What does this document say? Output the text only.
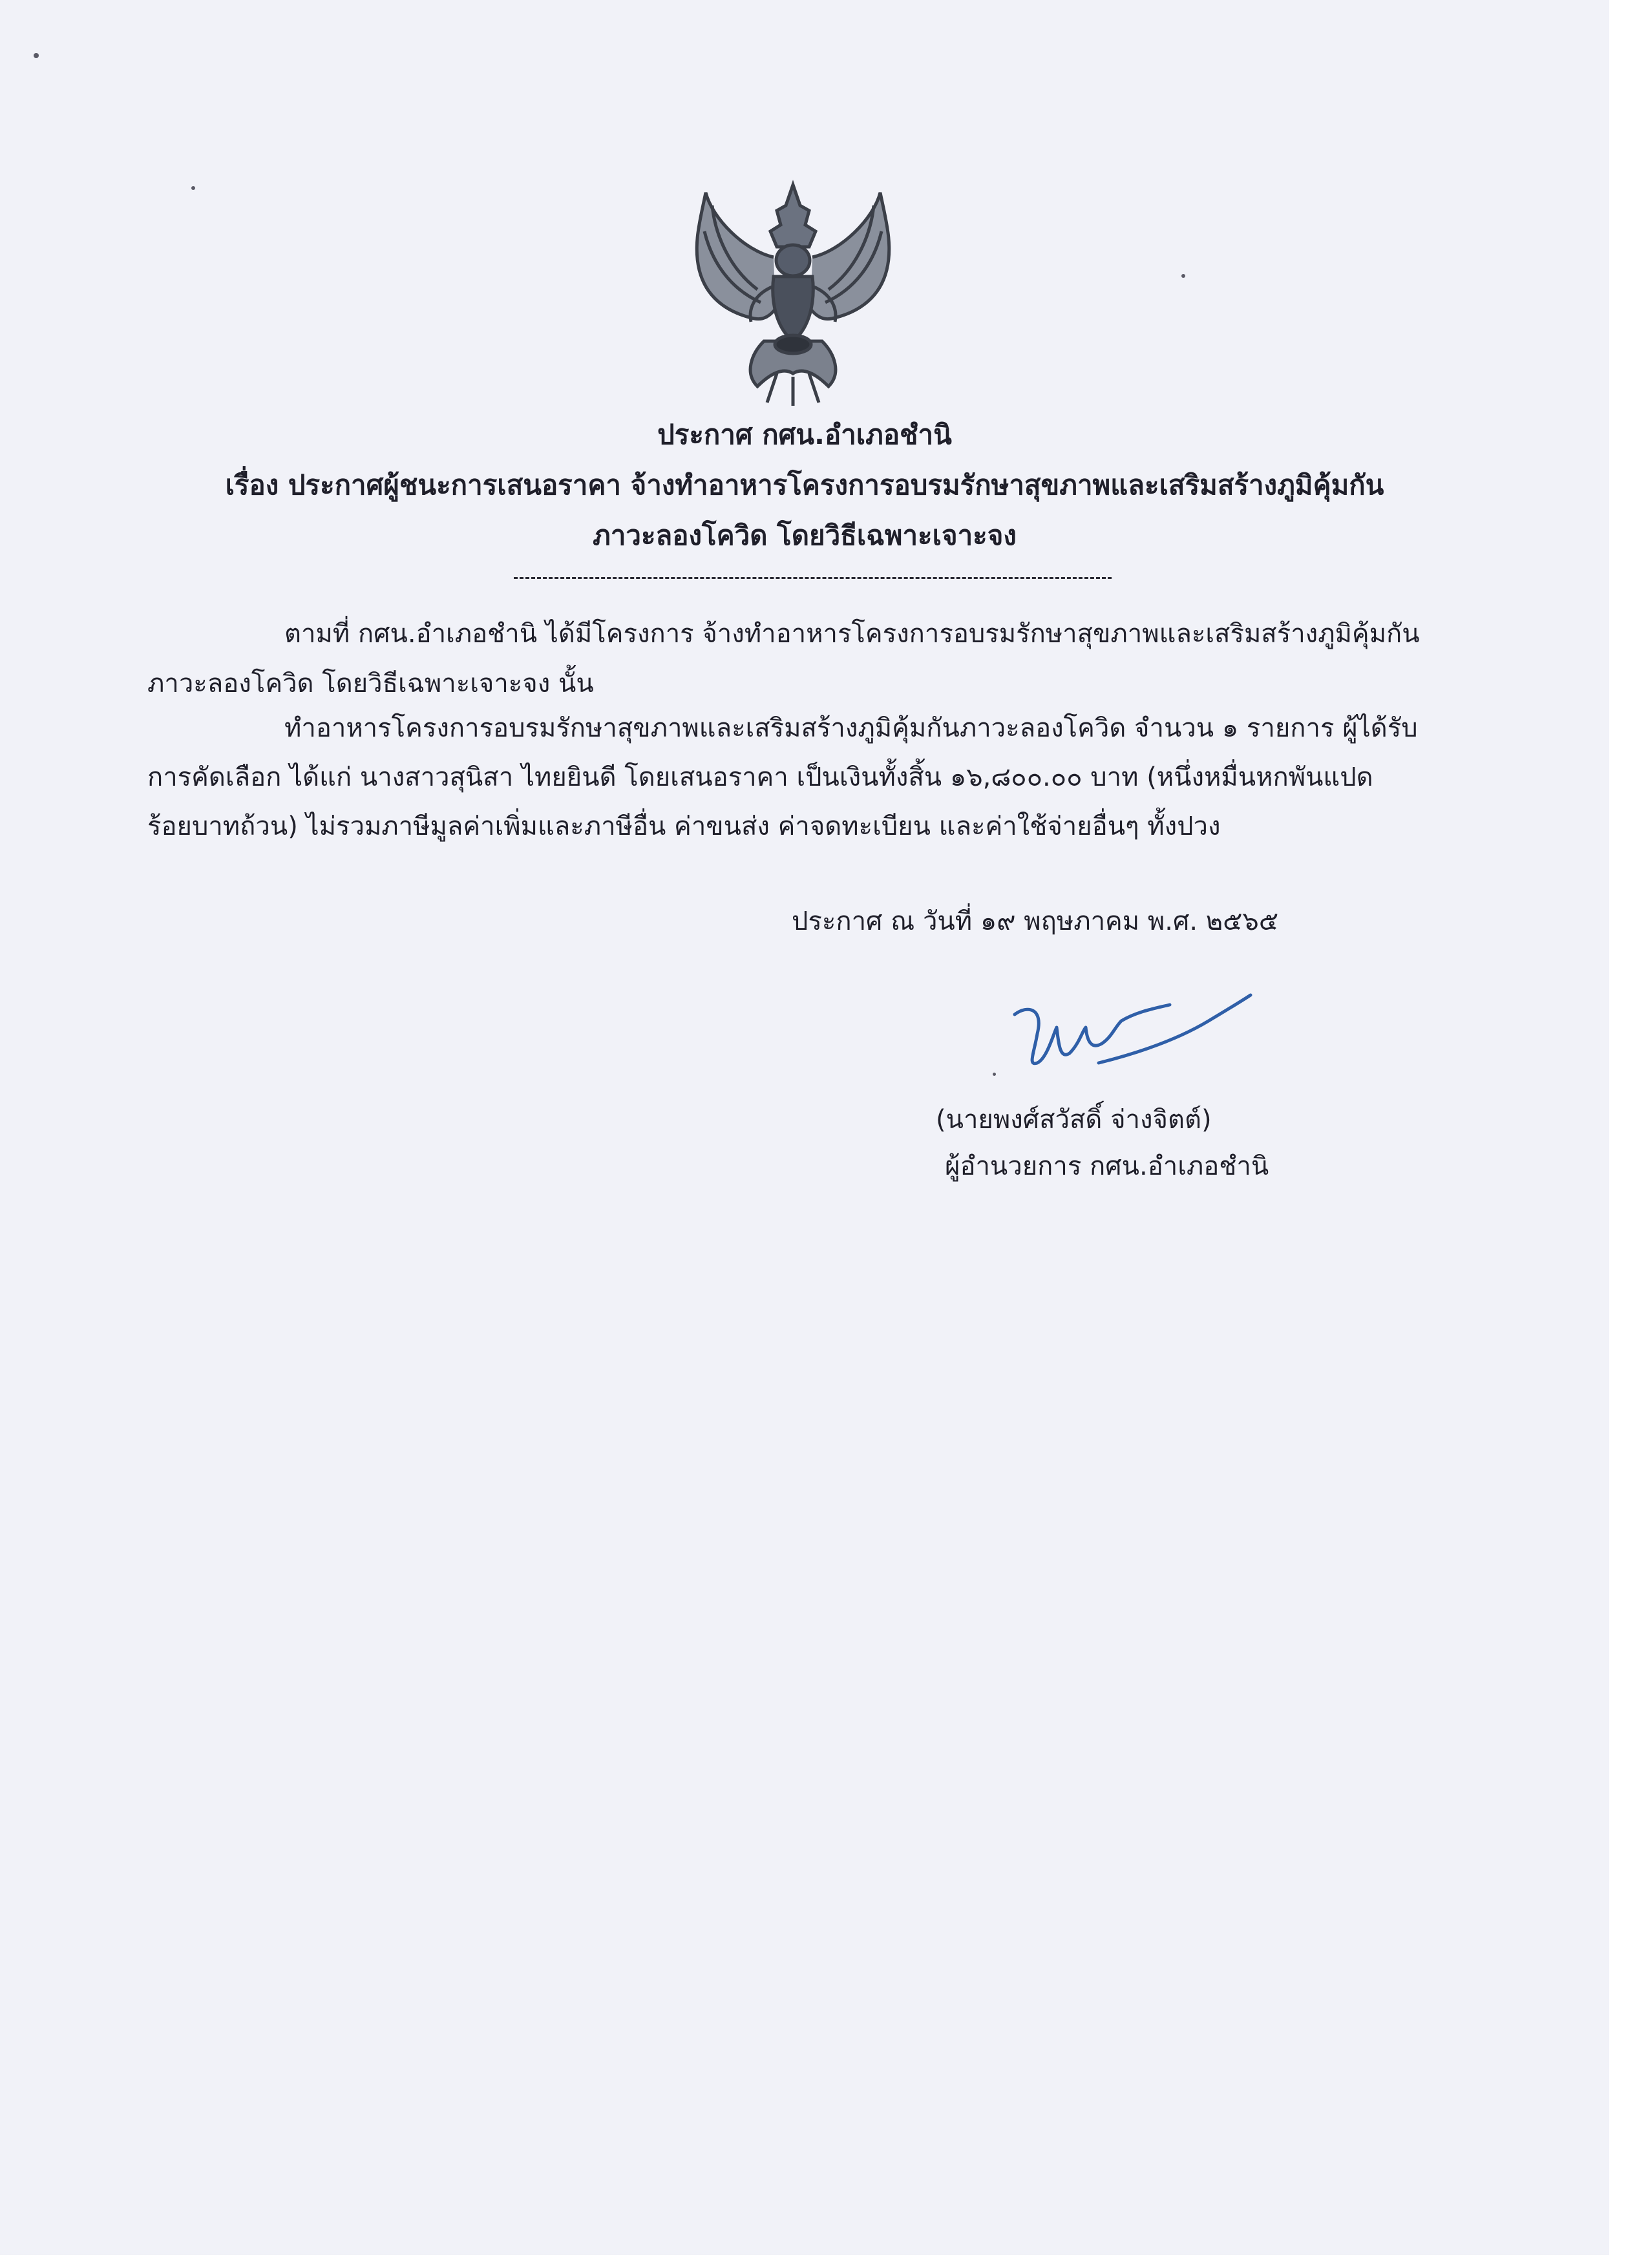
ประกาศ กศน.อำเภอชำนิ
เรื่อง ประกาศผู้ชนะการเสนอราคา จ้างทำอาหารโครงการอบรมรักษาสุขภาพและเสริมสร้างภูมิคุ้มกัน
ภาวะลองโควิด โดยวิธีเฉพาะเจาะจง
ตามที่ กศน.อำเภอชำนิ ได้มีโครงการ จ้างทำอาหารโครงการอบรมรักษาสุขภาพและเสริมสร้างภูมิคุ้มกัน
ภาวะลองโควิด โดยวิธีเฉพาะเจาะจง นั้น
ทำอาหารโครงการอบรมรักษาสุขภาพและเสริมสร้างภูมิคุ้มกันภาวะลองโควิด จำนวน ๑ รายการ ผู้ได้รับ
การคัดเลือก ได้แก่ นางสาวสุนิสา ไทยยินดี โดยเสนอราคา เป็นเงินทั้งสิ้น ๑๖,๘๐๐.๐๐ บาท (หนึ่งหมื่นหกพันแปด
ร้อยบาทถ้วน) ไม่รวมภาษีมูลค่าเพิ่มและภาษีอื่น ค่าขนส่ง ค่าจดทะเบียน และค่าใช้จ่ายอื่นๆ ทั้งปวง
ประกาศ ณ วันที่ ๑๙ พฤษภาคม พ.ศ. ๒๕๖๕
(นายพงศ์สวัสดิ์ จ่างจิตต์)
ผู้อำนวยการ กศน.อำเภอชำนิ
